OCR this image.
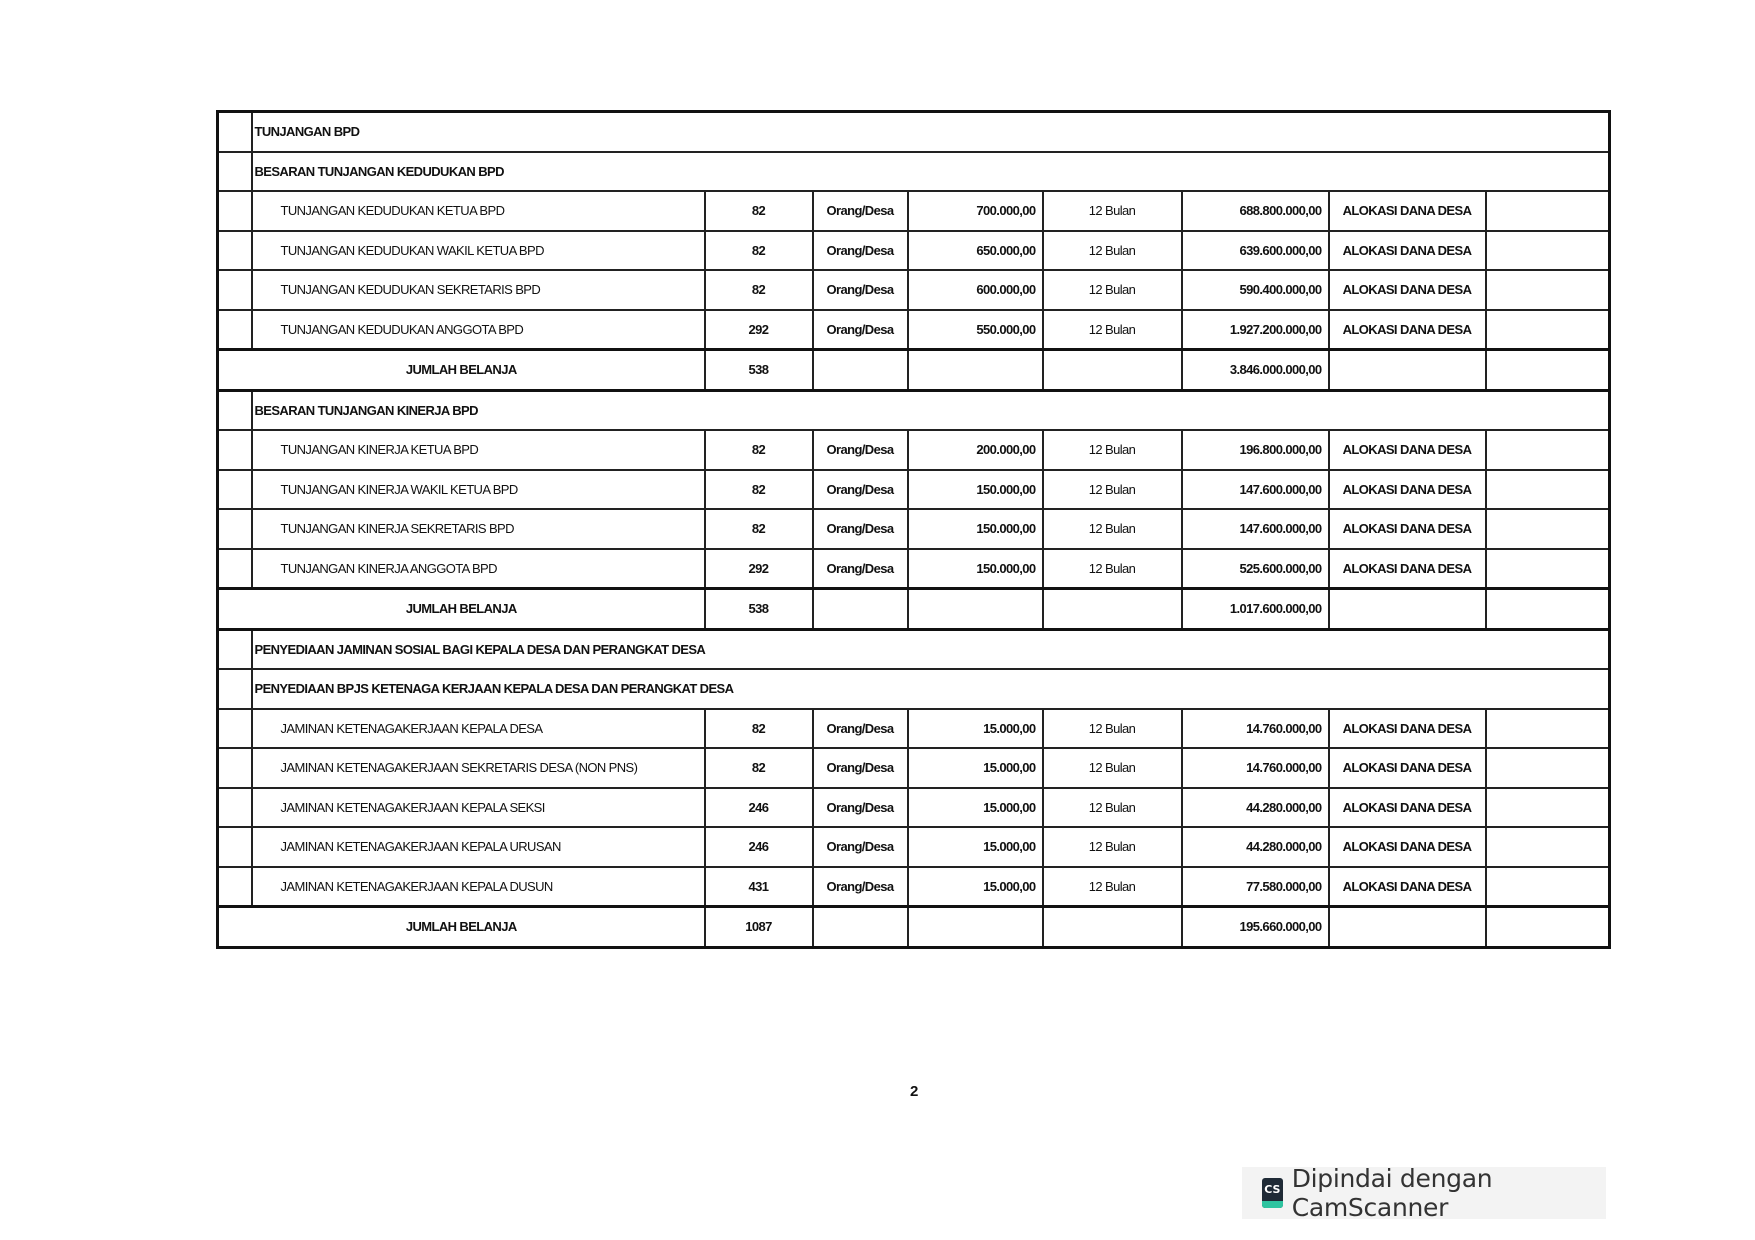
	TUNJANGAN BPD							
	BESARAN TUNJANGAN KEDUDUKAN BPD							
	TUNJANGAN KEDUDUKAN KETUA BPD	82	Orang/Desa	700.000,00	12 Bulan	688.800.000,00	ALOKASI DANA DESA	
	TUNJANGAN KEDUDUKAN WAKIL KETUA BPD	82	Orang/Desa	650.000,00	12 Bulan	639.600.000,00	ALOKASI DANA DESA	
	TUNJANGAN KEDUDUKAN SEKRETARIS BPD	82	Orang/Desa	600.000,00	12 Bulan	590.400.000,00	ALOKASI DANA DESA	
	TUNJANGAN KEDUDUKAN ANGGOTA BPD	292	Orang/Desa	550.000,00	12 Bulan	1.927.200.000,00	ALOKASI DANA DESA	
JUMLAH BELANJA		538				3.846.000.000,00		
	BESARAN TUNJANGAN KINERJA BPD							
	TUNJANGAN KINERJA KETUA BPD	82	Orang/Desa	200.000,00	12 Bulan	196.800.000,00	ALOKASI DANA DESA	
	TUNJANGAN KINERJA WAKIL KETUA BPD	82	Orang/Desa	150.000,00	12 Bulan	147.600.000,00	ALOKASI DANA DESA	
	TUNJANGAN KINERJA SEKRETARIS BPD	82	Orang/Desa	150.000,00	12 Bulan	147.600.000,00	ALOKASI DANA DESA	
	TUNJANGAN KINERJA ANGGOTA BPD	292	Orang/Desa	150.000,00	12 Bulan	525.600.000,00	ALOKASI DANA DESA	
JUMLAH BELANJA		538				1.017.600.000,00		
	PENYEDIAAN JAMINAN SOSIAL BAGI KEPALA DESA DAN PERANGKAT DESA							
	PENYEDIAAN BPJS KETENAGA KERJAAN KEPALA DESA DAN PERANGKAT DESA							
	JAMINAN KETENAGAKERJAAN KEPALA DESA	82	Orang/Desa	15.000,00	12 Bulan	14.760.000,00	ALOKASI DANA DESA	
	JAMINAN KETENAGAKERJAAN SEKRETARIS DESA (NON PNS)	82	Orang/Desa	15.000,00	12 Bulan	14.760.000,00	ALOKASI DANA DESA	
	JAMINAN KETENAGAKERJAAN KEPALA SEKSI	246	Orang/Desa	15.000,00	12 Bulan	44.280.000,00	ALOKASI DANA DESA	
	JAMINAN KETENAGAKERJAAN KEPALA URUSAN	246	Orang/Desa	15.000,00	12 Bulan	44.280.000,00	ALOKASI DANA DESA	
	JAMINAN KETENAGAKERJAAN KEPALA DUSUN	431	Orang/Desa	15.000,00	12 Bulan	77.580.000,00	ALOKASI DANA DESA	
JUMLAH BELANJA		1087				195.660.000,00		
2
CS Dipindai dengan CamScanner
